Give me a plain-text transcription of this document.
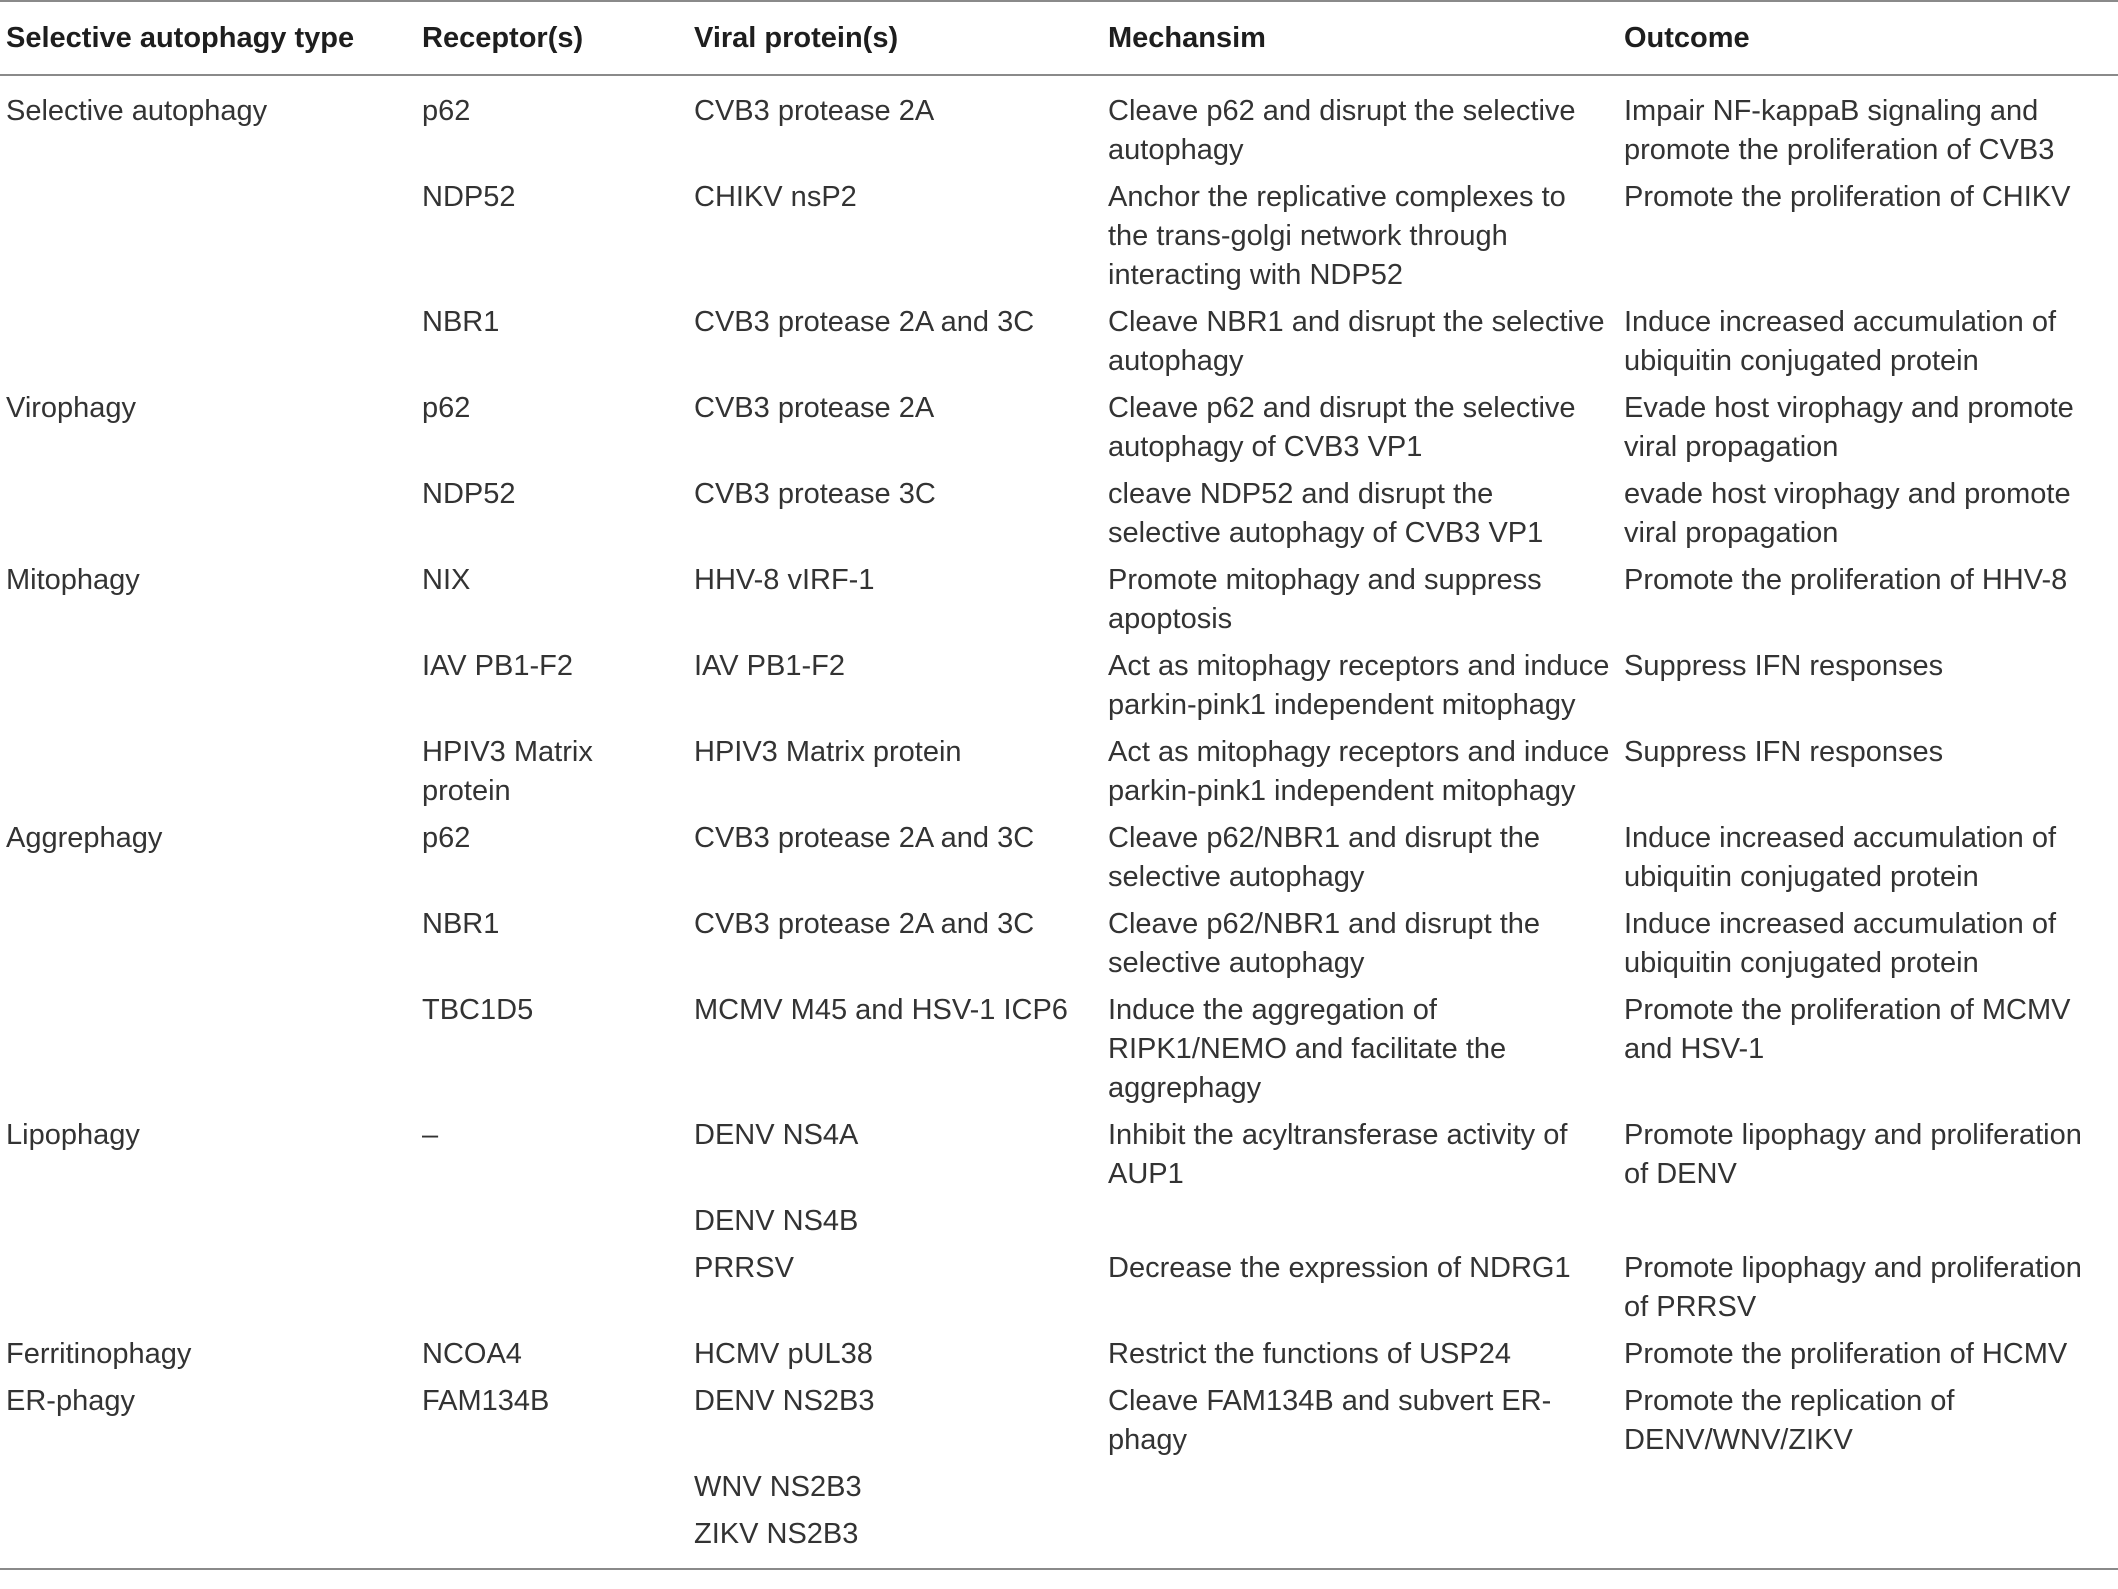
Selective autophagy type	Receptor(s)	Viral protein(s)	Mechansim	Outcome
Selective autophagy	p62	CVB3 protease 2A	Cleave p62 and disrupt the selective autophagy	Impair NF-kappaB signaling and promote the proliferation of CVB3
	NDP52	CHIKV nsP2	Anchor the replicative complexes to the trans-golgi network through interacting with NDP52	Promote the proliferation of CHIKV
	NBR1	CVB3 protease 2A and 3C	Cleave NBR1 and disrupt the selective autophagy	Induce increased accumulation of ubiquitin conjugated protein
Virophagy	p62	CVB3 protease 2A	Cleave p62 and disrupt the selective autophagy of CVB3 VP1	Evade host virophagy and promote viral propagation
	NDP52	CVB3 protease 3C	cleave NDP52 and disrupt the selective autophagy of CVB3 VP1	evade host virophagy and promote viral propagation
Mitophagy	NIX	HHV-8 vIRF-1	Promote mitophagy and suppress apoptosis	Promote the proliferation of HHV-8
	IAV PB1-F2	IAV PB1-F2	Act as mitophagy receptors and induce parkin-pink1 independent mitophagy	Suppress IFN responses
	HPIV3 Matrix protein	HPIV3 Matrix protein	Act as mitophagy receptors and induce parkin-pink1 independent mitophagy	Suppress IFN responses
Aggrephagy	p62	CVB3 protease 2A and 3C	Cleave p62/NBR1 and disrupt the selective autophagy	Induce increased accumulation of ubiquitin conjugated protein
	NBR1	CVB3 protease 2A and 3C	Cleave p62/NBR1 and disrupt the selective autophagy	Induce increased accumulation of ubiquitin conjugated protein
	TBC1D5	MCMV M45 and HSV-1 ICP6	Induce the aggregation of RIPK1/NEMO and facilitate the aggrephagy	Promote the proliferation of MCMV and HSV-1
Lipophagy	–	DENV NS4A	Inhibit the acyltransferase activity of AUP1	Promote lipophagy and proliferation of DENV
		DENV NS4B		
		PRRSV	Decrease the expression of NDRG1	Promote lipophagy and proliferation of PRRSV
Ferritinophagy	NCOA4	HCMV pUL38	Restrict the functions of USP24	Promote the proliferation of HCMV
ER-phagy	FAM134B	DENV NS2B3	Cleave FAM134B and subvert ER-phagy	Promote the replication of DENV/WNV/ZIKV
		WNV NS2B3		
		ZIKV NS2B3		
